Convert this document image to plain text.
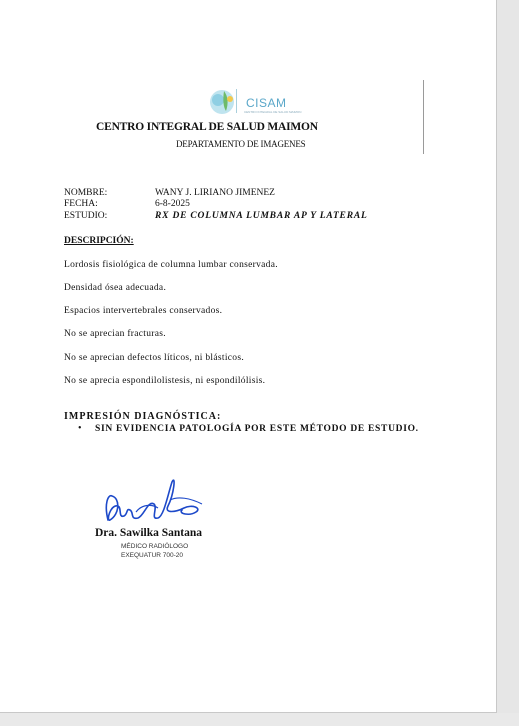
CISAM
CENTRO INTEGRAL DE SALUD MAIMON
CENTRO INTEGRAL DE SALUD MAIMON
DEPARTAMENTO DE IMAGENES
NOMBRE:	WANY J. LIRIANO JIMENEZ
FECHA:	6-8-2025
ESTUDIO:	RX DE COLUMNA LUMBAR AP Y LATERAL
DESCRIPCIÓN:
Lordosis fisiológica de columna lumbar conservada.
Densidad ósea adecuada.
Espacios intervertebrales conservados.
No se aprecian fracturas.
No se aprecian defectos líticos, ni blásticos.
No se aprecia espondilolistesis, ni espondilólisis.
IMPRESIÓN DIAGNÓSTICA:
• SIN EVIDENCIA PATOLOGÍA POR ESTE MÉTODO DE ESTUDIO.
Dra. Sawilka Santana
MÉDICO RADIÓLOGO
EXEQUATUR 700-20
